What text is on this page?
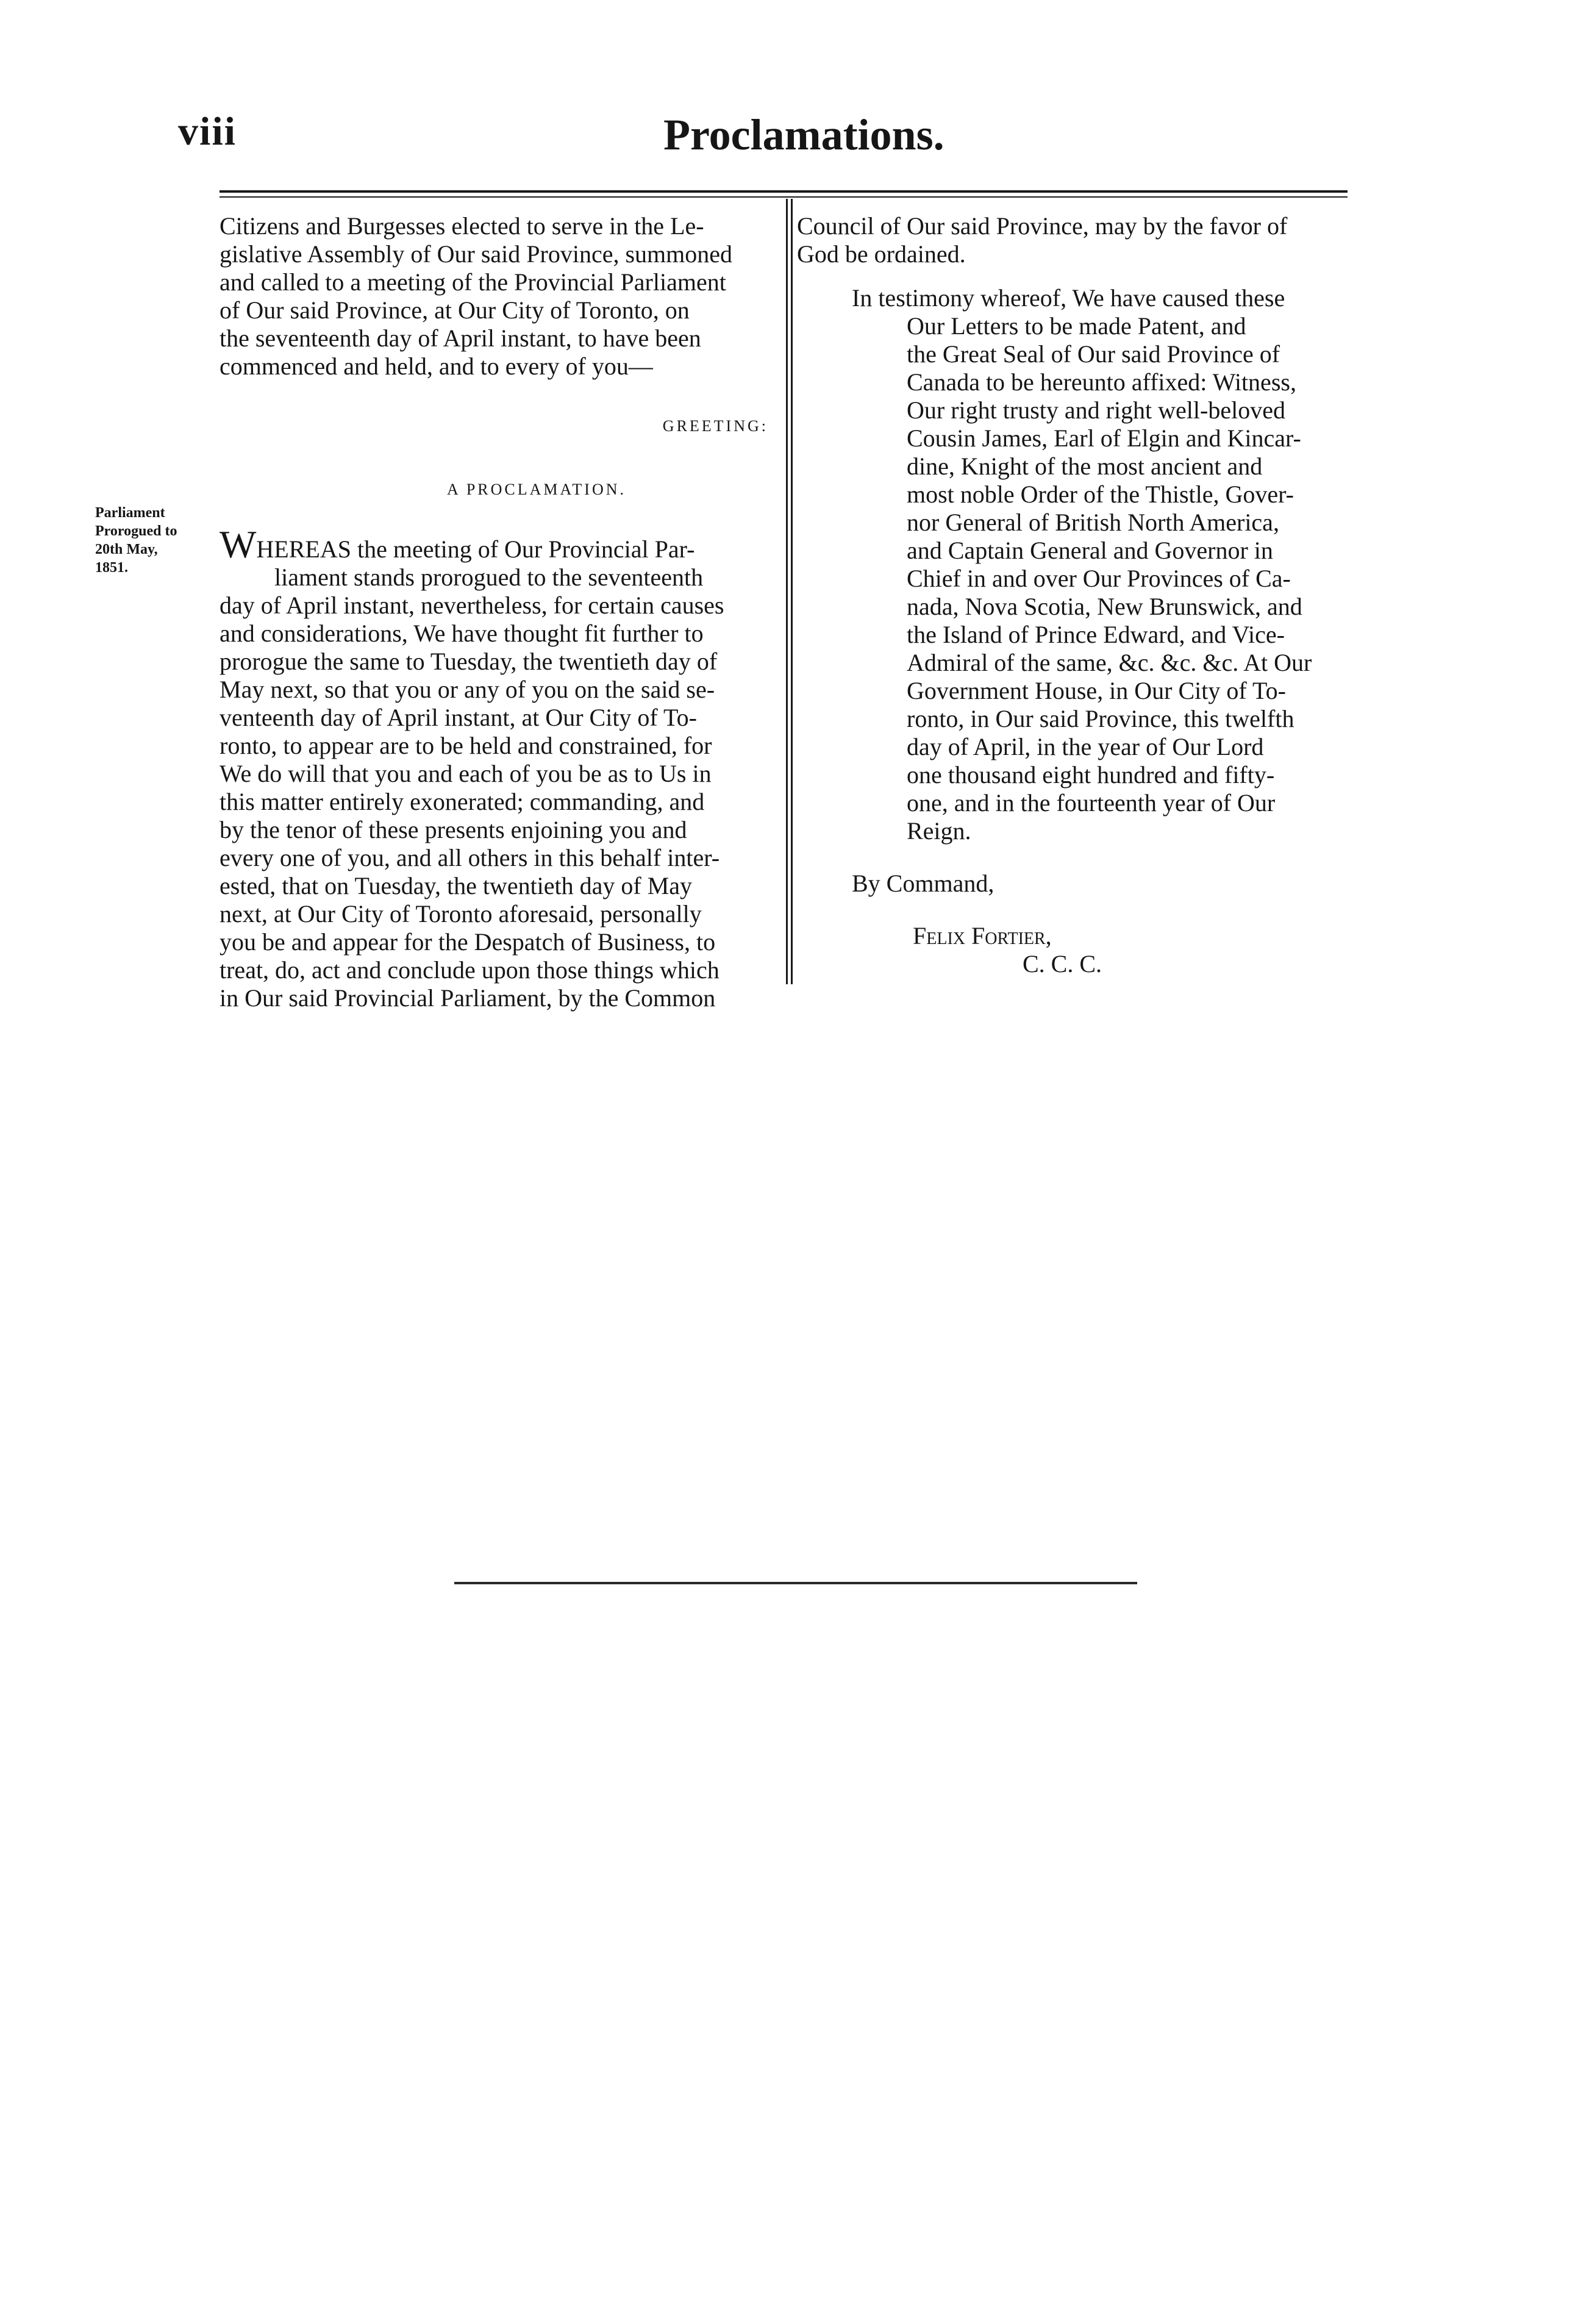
viii	Proclamations.
Parliament
Prorogued to
20th May,
1851.
Citizens and Burgesses elected to serve in the Le-
gislative Assembly of Our said Province, summoned
and called to a meeting of the Provincial Parliament
of Our said Province, at Our City of Toronto, on
the seventeenth day of April instant, to have been
commenced and held, and to every of you—
GREETING:
A PROCLAMATION.
WHEREAS the meeting of Our Provincial Par-
liament stands prorogued to the seventeenth
day of April instant, nevertheless, for certain causes
and considerations, We have thought fit further to
prorogue the same to Tuesday, the twentieth day of
May next, so that you or any of you on the said se-
venteenth day of April instant, at Our City of To-
ronto, to appear are to be held and constrained, for
We do will that you and each of you be as to Us in
this matter entirely exonerated; commanding, and
by the tenor of these presents enjoining you and
every one of you, and all others in this behalf inter-
ested, that on Tuesday, the twentieth day of May
next, at Our City of Toronto aforesaid, personally
you be and appear for the Despatch of Business, to
treat, do, act and conclude upon those things which
in Our said Provincial Parliament, by the Common
Council of Our said Province, may by the favor of
God be ordained.
In testimony whereof, We have caused these
Our Letters to be made Patent, and
the Great Seal of Our said Province of
Canada to be hereunto affixed: Witness,
Our right trusty and right well-beloved
Cousin James, Earl of Elgin and Kincar-
dine, Knight of the most ancient and
most noble Order of the Thistle, Gover-
nor General of British North America,
and Captain General and Governor in
Chief in and over Our Provinces of Ca-
nada, Nova Scotia, New Brunswick, and
the Island of Prince Edward, and Vice-
Admiral of the same, &c. &c. &c. At Our
Government House, in Our City of To-
ronto, in Our said Province, this twelfth
day of April, in the year of Our Lord
one thousand eight hundred and fifty-
one, and in the fourteenth year of Our
Reign.
By Command,
Felix Fortier,
C. C. C.
